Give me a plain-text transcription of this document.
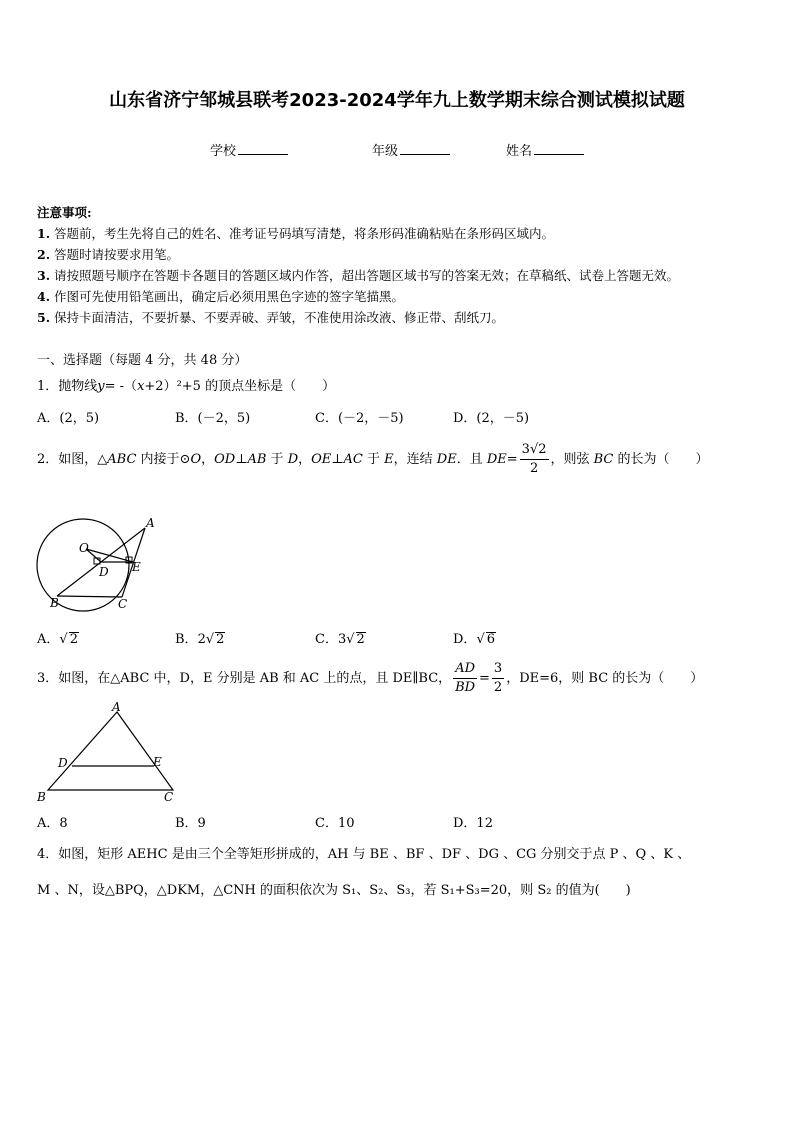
山东省济宁邹城县联考2023-2024学年九上数学期末综合测试模拟试题
学校	年级	姓名
注意事项:
1. 答题前，考生先将自己的姓名、准考证号码填写清楚，将条形码准确粘贴在条形码区域内。
2. 答题时请按要求用笔。
3. 请按照题号顺序在答题卡各题目的答题区域内作答，超出答题区域书写的答案无效；在草稿纸、试卷上答题无效。
4. 作图可先使用铅笔画出，确定后必须用黑色字迹的签字笔描黑。
5. 保持卡面清洁，不要折暴、不要弄破、弄皱，不准使用涂改液、修正带、刮纸刀。
一、选择题（每题 4 分，共 48 分）
1．抛物线y= -（x+2）²+5 的顶点坐标是（　　）
A．(2，5)	B．(－2，5)	C．(－2，－5)	D．(2，－5)
2．如图，△ABC 内接于⊙O，OD⊥AB 于 D，OE⊥AC 于 E，连结 DE．且 $DE= \frac{3√2}{2}$ ，则弦 BC 的长为（　　）
A
O
D E
B	C
A．√ 2	B．2√ 2	C．3√ 2	D．√ 6
3．如图，在△ABC 中，D，E 分别是 AB 和 AC 上的点，且 DE∥BC， $\frac{AD}{BD} = \frac{3}{2}$ ，DE=6，则 BC 的长为（　　）
A
D	E
B	C
A．8	B．9	C．10	D．12
4．如图，矩形 AEHC 是由三个全等矩形拼成的，AH 与 BE 、BF 、DF 、DG 、CG 分别交于点 P 、Q 、K 、
M 、N，设△BPQ，△DKM，△CNH 的面积依次为 S₁、S₂、S₃，若 S₁+S₃=20，则 S₂ 的值为(　　)
